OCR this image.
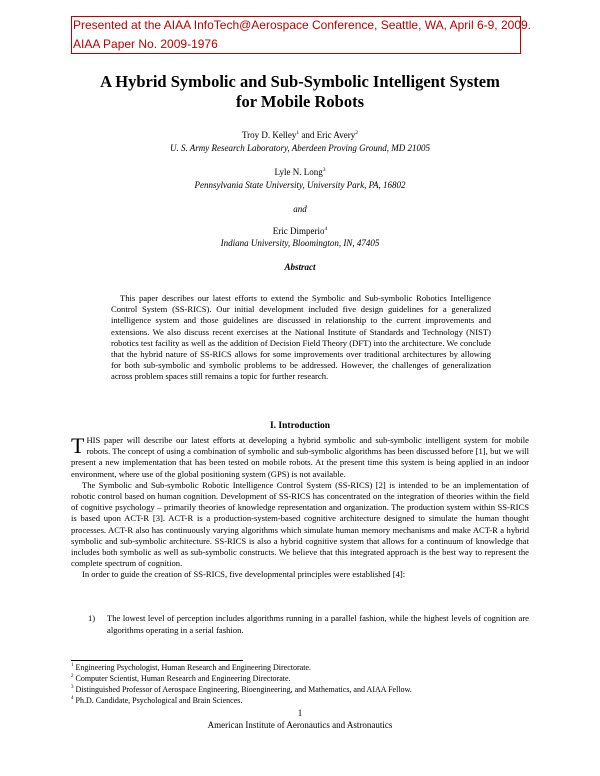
Presented at the AIAA InfoTech@Aerospace Conference, Seattle, WA, April 6-9, 2009.
AIAA Paper No. 2009-1976
A Hybrid Symbolic and Sub-Symbolic Intelligent System
for Mobile Robots
Troy D. Kelley$^1$ and Eric Avery$^2$
U. S. Army Research Laboratory, Aberdeen Proving Ground, MD 21005
Lyle N. Long$^3$
Pennsylvania State University, University Park, PA, 16802
and
Eric Dimperio$^4$
Indiana University, Bloomington, IN, 47405
Abstract
This paper describes our latest efforts to extend the Symbolic and Sub-symbolic Robotics Intelligence Control System (SS-RICS). Our initial development included five design guidelines for a generalized intelligence system and those guidelines are discussed in relationship to the current improvements and extensions. We also discuss recent exercises at the National Institute of Standards and Technology (NIST) robotics test facility as well as the addition of Decision Field Theory (DFT) into the architecture. We conclude that the hybrid nature of SS-RICS allows for some improvements over traditional architectures by allowing for both sub-symbolic and symbolic problems to be addressed. However, the challenges of generalization across problem spaces still remains a topic for further research.
I. Introduction

THIS paper will describe our latest efforts at developing a hybrid symbolic and sub-symbolic intelligent system for mobile robots. The concept of using a combination of symbolic and sub-symbolic algorithms has been discussed before [1], but we will present a new implementation that has been tested on mobile robots. At the present time this system is being applied in an indoor environment, where use of the global positioning system (GPS) is not available.

The Symbolic and Sub-symbolic Robotic Intelligence Control System (SS-RICS) [2] is intended to be an implementation of robotic control based on human cognition. Development of SS-RICS has concentrated on the integration of theories within the field of cognitive psychology – primarily theories of knowledge representation and organization. The production system within SS-RICS is based upon ACT-R [3]. ACT-R is a production-system-based cognitive architecture designed to simulate the human thought processes. ACT-R also has continuously varying algorithms which simulate human memory mechanisms and make ACT-R a hybrid symbolic and sub-symbolic architecture. SS-RICS is also a hybrid cognitive system that allows for a continuum of knowledge that includes both symbolic as well as sub-symbolic constructs. We believe that this integrated approach is the best way to represent the complete spectrum of cognition.

In order to guide the creation of SS-RICS, five developmental principles were established [4]:

1) The lowest level of perception includes algorithms running in a parallel fashion, while the highest levels of cognition are algorithms operating in a serial fashion.
$^1$ Engineering Psychologist, Human Research and Engineering Directorate.
$^2$ Computer Scientist, Human Research and Engineering Directorate.
$^3$ Distinguished Professor of Aerospace Engineering, Bioengineering, and Mathematics, and AIAA Fellow.
$^4$ Ph.D. Candidate, Psychological and Brain Sciences.
1
American Institute of Aeronautics and Astronautics
